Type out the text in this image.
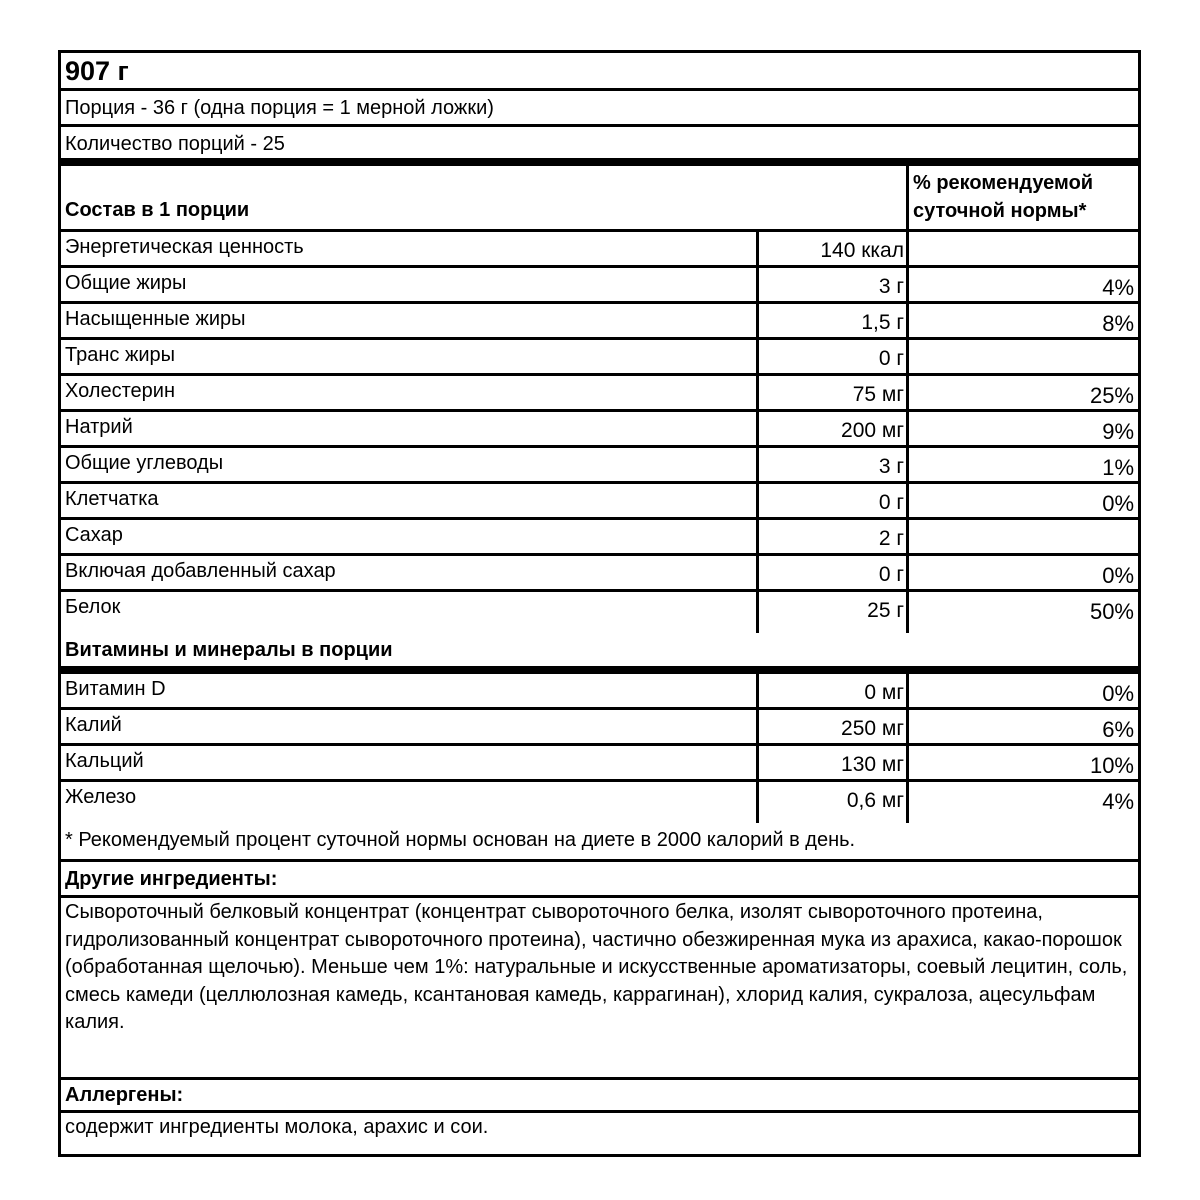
907 г
Порция - 36 г (одна порция = 1 мерной ложки)
Количество порций - 25
Состав в 1 порции
% рекомендуемой суточной нормы*
Энергетическая ценность	140 ккал
Общие жиры	3 г	4%
Насыщенные жиры	1,5 г	8%
Транс жиры	0 г
Холестерин	75 мг	25%
Натрий	200 мг	9%
Общие углеводы	3 г	1%
Клетчатка	0 г	0%
Сахар	2 г
Включая добавленный сахар	0 г	0%
Белок	25 г	50%
Витамины и минералы в порции
Витамин D	0 мг	0%
Калий	250 мг	6%
Кальций	130 мг	10%
Железо	0,6 мг	4%
* Рекомендуемый процент суточной нормы основан на диете в 2000 калорий в день.
Другие ингредиенты:
Сывороточный белковый концентрат (концентрат сывороточного белка, изолят сывороточного протеина, гидролизованный концентрат сывороточного протеина), частично обезжиренная мука из арахиса, какао-порошок (обработанная щелочью). Меньше чем 1%: натуральные и искусственные ароматизаторы, соевый лецитин, соль, смесь камеди (целлюлозная камедь, ксантановая камедь, каррагинан), хлорид калия, сукралоза, ацесульфам калия.
Аллергены:
содержит ингредиенты молока, арахис и сои.
